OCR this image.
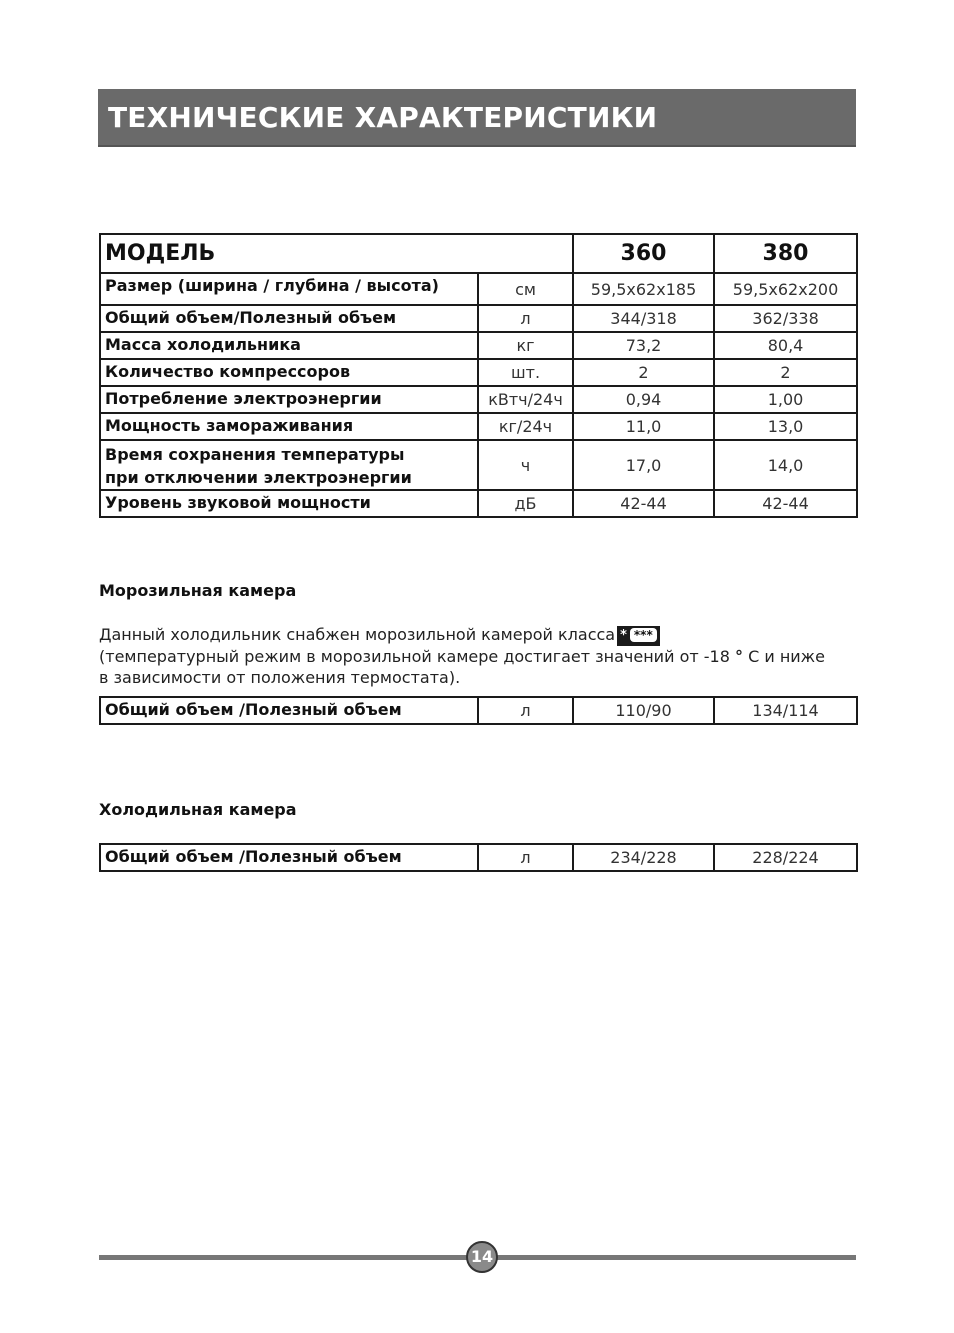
ТЕХНИЧЕСКИЕ ХАРАКТЕРИСТИКИ
МОДЕЛЬ		360	380
Размер (ширина / глубина / высота)	см	59,5x62x185	59,5x62x200
Общий объем/Полезный объем	л	344/318	362/338
Масса холодильника	кг	73,2	80,4
Количество компрессоров	шт.	2	2
Потребление электроэнергии	кВтч/24ч	0,94	1,00
Мощность замораживания	кг/24ч	11,0	13,0
Время сохранения температуры
при отключении электроэнергии	ч	17,0	14,0
Уровень звуковой мощности	дБ	42-44	42-44
Морозильная камера
Данный холодильник снабжен морозильной камерой класса * ***
(температурный режим в морозильной камере достигает значений от -18 ° С и ниже
в зависимости от положения термостата).
Общий объем /Полезный объем	л	110/90	134/114
Холодильная камера
Общий объем /Полезный объем	л	234/228	228/224
14
